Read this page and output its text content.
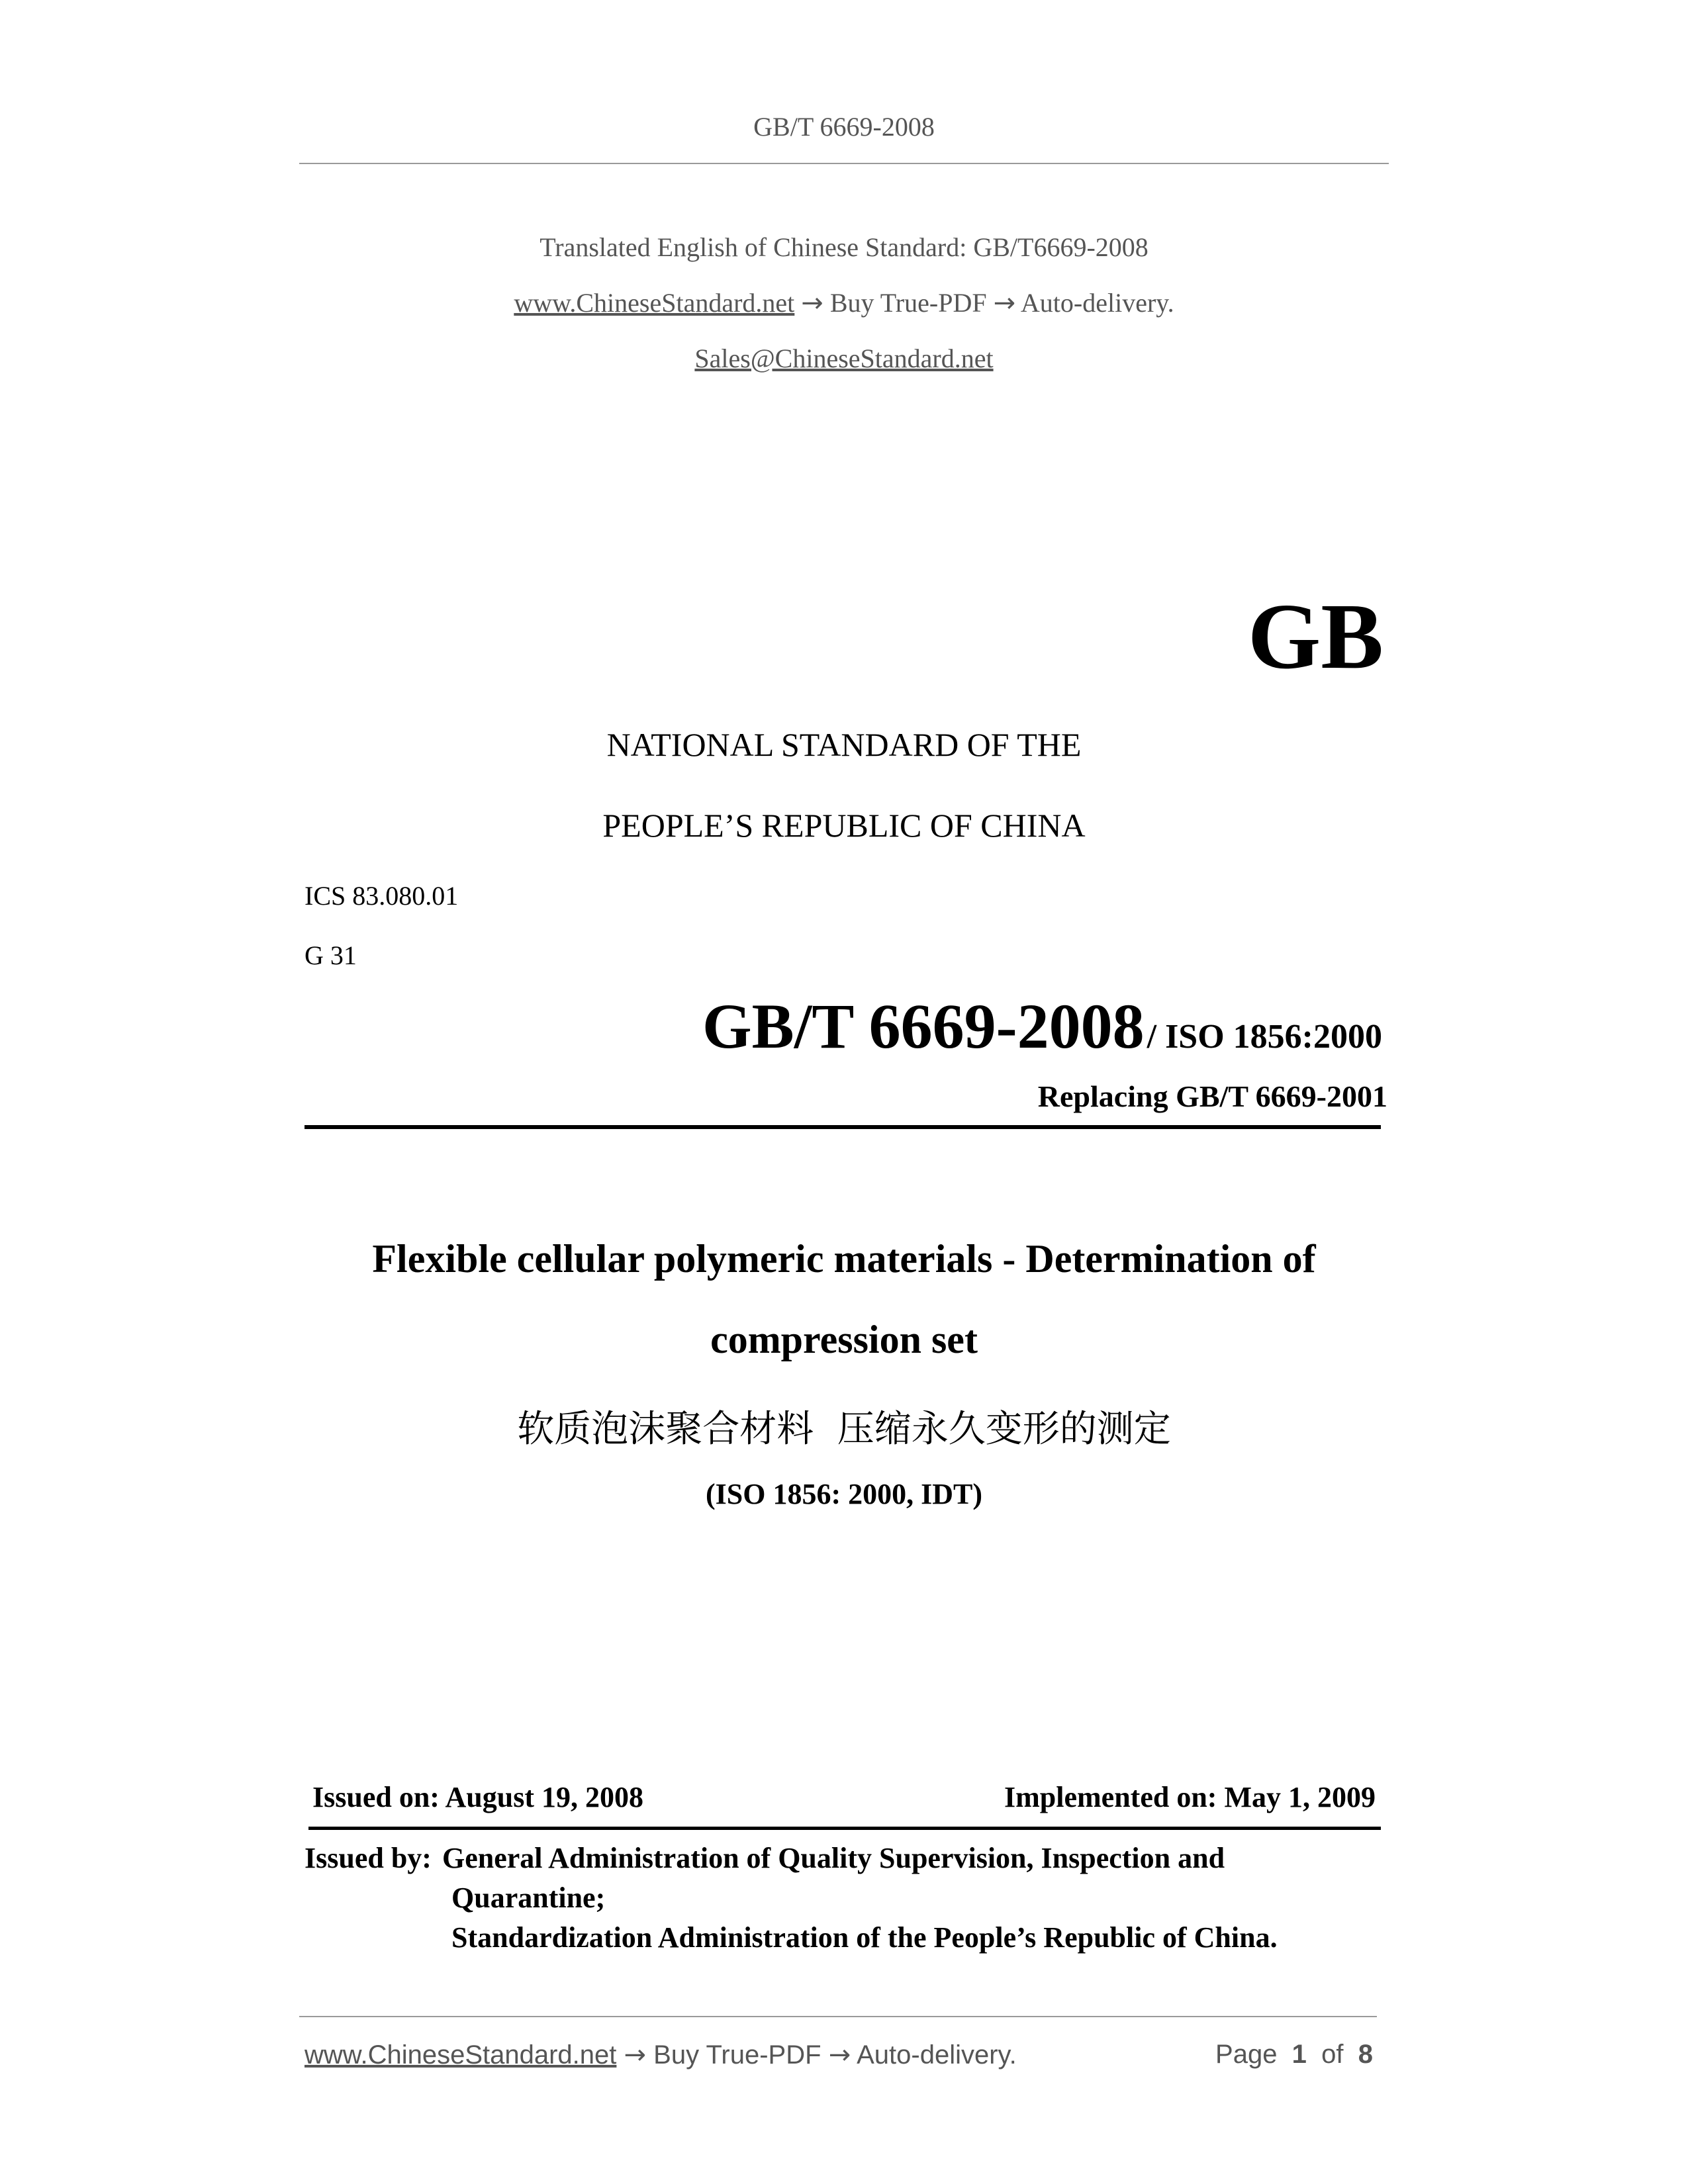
GB/T 6669-2008
Translated English of Chinese Standard: GB/T6669-2008
www.ChineseStandard.net → Buy True-PDF → Auto-delivery.
Sales@ChineseStandard.net
GB
NATIONAL STANDARD OF THE
PEOPLE’S REPUBLIC OF CHINA
ICS 83.080.01
G 31
GB/T 6669-2008 / ISO 1856:2000
Replacing GB/T 6669-2001
Flexible cellular polymeric materials - Determination of
compression set
软质泡沫聚合材料  压缩永久变形的测定
(ISO 1856: 2000, IDT)
Issued on: August 19, 2008	Implemented on: May 1, 2009
Issued by: General Administration of Quality Supervision, Inspection and
Quarantine;
Standardization Administration of the People’s Republic of China.
www.ChineseStandard.net → Buy True-PDF → Auto-delivery.	Page 1 of 8
